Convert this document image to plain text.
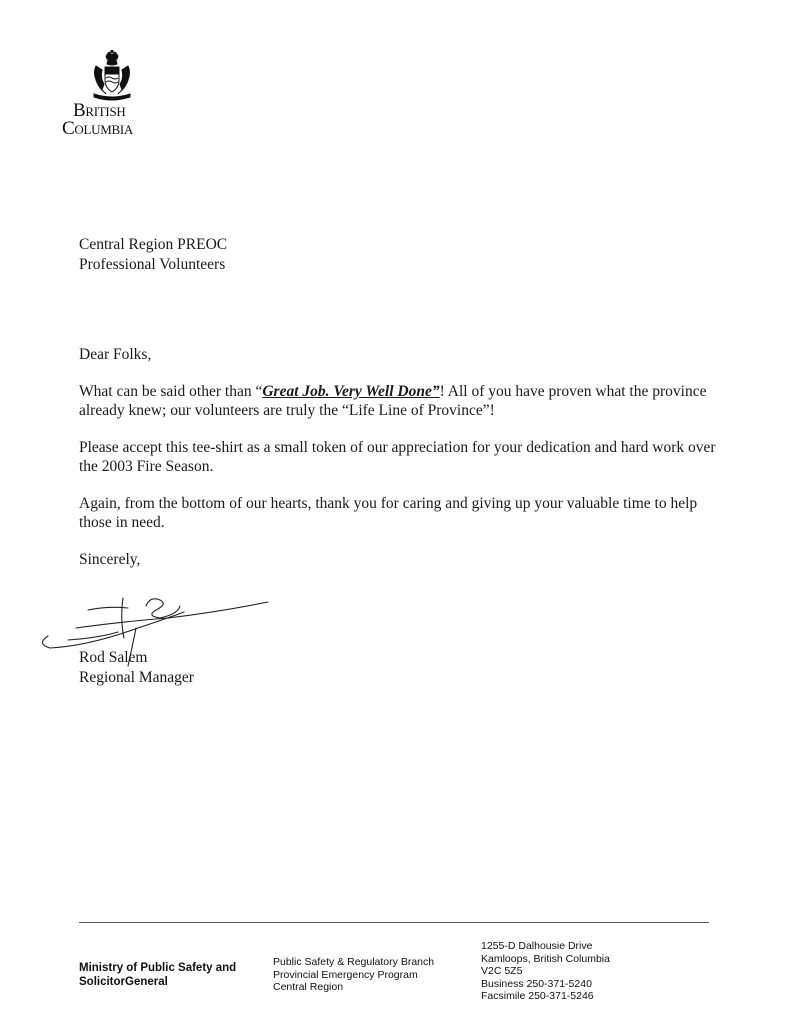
British
Columbia
Central Region PREOC
Professional Volunteers

Dear Folks,

What can be said other than “Great Job. Very Well Done”! All of you have proven what the province already knew; our volunteers are truly the “Life Line of Province”!

Please accept this tee-shirt as a small token of our appreciation for your dedication and hard work over the 2003 Fire Season.

Again, from the bottom of our hearts, thank you for caring and giving up your valuable time to help those in need.

Sincerely,

Rod Salem
Regional Manager
Ministry of Public Safety and
SolicitorGeneral
Public Safety & Regulatory Branch
Provincial Emergency Program
Central Region
1255-D Dalhousie Drive
Kamloops, British Columbia
V2C 5Z5
Business 250-371-5240
Facsimile 250-371-5246
